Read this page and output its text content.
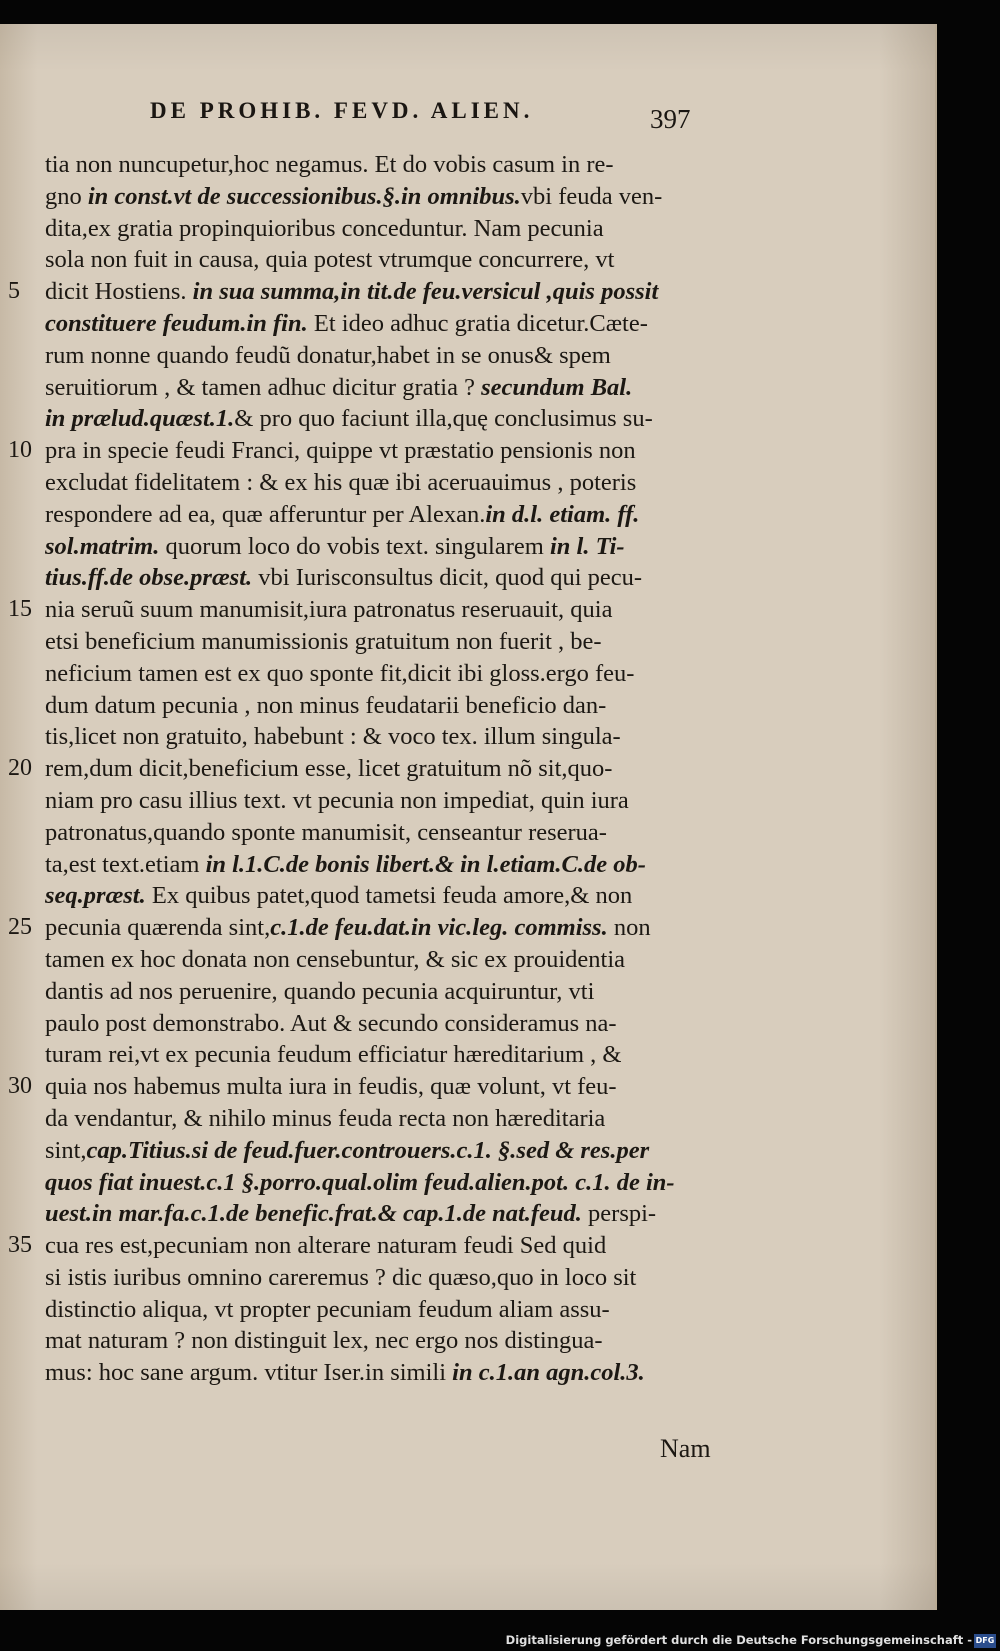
DE PROHIB. FEVD. ALIEN.	397
5
10
15
20
25
30
35
tia non nuncupetur,hoc negamus. Et do vobis casum in re-
gno in const.vt de successionibus.§.in omnibus.vbi feuda ven-
dita,ex gratia propinquioribus conceduntur. Nam pecunia
sola non fuit in causa, quia potest vtrumque concurrere, vt
dicit Hostiens. in sua summa,in tit.de feu.versicul ,quis possit
constituere feudum.in fin. Et ideo adhuc gratia dicetur.Cæte-
rum nonne quando feudũ donatur,habet in se onus& spem
seruitiorum , & tamen adhuc dicitur gratia ? secundum Bal.
in prælud.quæst.1.& pro quo faciunt illa,quę conclusimus su-
pra in specie feudi Franci, quippe vt præstatio pensionis non
excludat fidelitatem : & ex his quæ ibi aceruauimus , poteris
respondere ad ea, quæ afferuntur per Alexan.in d.l. etiam. ff.
sol.matrim. quorum loco do vobis text. singularem in l. Ti-
tius.ff.de obse.præst. vbi Iurisconsultus dicit, quod qui pecu-
nia seruũ suum manumisit,iura patronatus reseruauit, quia
etsi beneficium manumissionis gratuitum non fuerit , be-
neficium tamen est ex quo sponte fit,dicit ibi gloss.ergo feu-
dum datum pecunia , non minus feudatarii beneficio dan-
tis,licet non gratuito, habebunt : & voco tex. illum singula-
rem,dum dicit,beneficium esse, licet gratuitum nõ sit,quo-
niam pro casu illius text. vt pecunia non impediat, quin iura
patronatus,quando sponte manumisit, censeantur reserua-
ta,est text.etiam in l.1.C.de bonis libert.& in l.etiam.C.de ob-
seq.præst. Ex quibus patet,quod tametsi feuda amore,& non
pecunia quærenda sint,c.1.de feu.dat.in vic.leg. commiss. non
tamen ex hoc donata non censebuntur, & sic ex prouidentia
dantis ad nos peruenire, quando pecunia acquiruntur, vti
paulo post demonstrabo. Aut & secundo consideramus na-
turam rei,vt ex pecunia feudum efficiatur hæreditarium , &
quia nos habemus multa iura in feudis, quæ volunt, vt feu-
da vendantur, & nihilo minus feuda recta non hæreditaria
sint,cap.Titius.si de feud.fuer.controuers.c.1. §.sed & res.per
quos fiat inuest.c.1 §.porro.qual.olim feud.alien.pot. c.1. de in-
uest.in mar.fa.c.1.de benefic.frat.& cap.1.de nat.feud. perspi-
cua res est,pecuniam non alterare naturam feudi Sed quid
si istis iuribus omnino careremus ? dic quæso,quo in loco sit
distinctio aliqua, vt propter pecuniam feudum aliam assu-
mat naturam ? non distinguit lex, nec ergo nos distingua-
mus: hoc sane argum. vtitur Iser.in simili in c.1.an agn.col.3.
Nam
Digitalisierung gefördert durch die Deutsche Forschungsgemeinschaft - DFG
